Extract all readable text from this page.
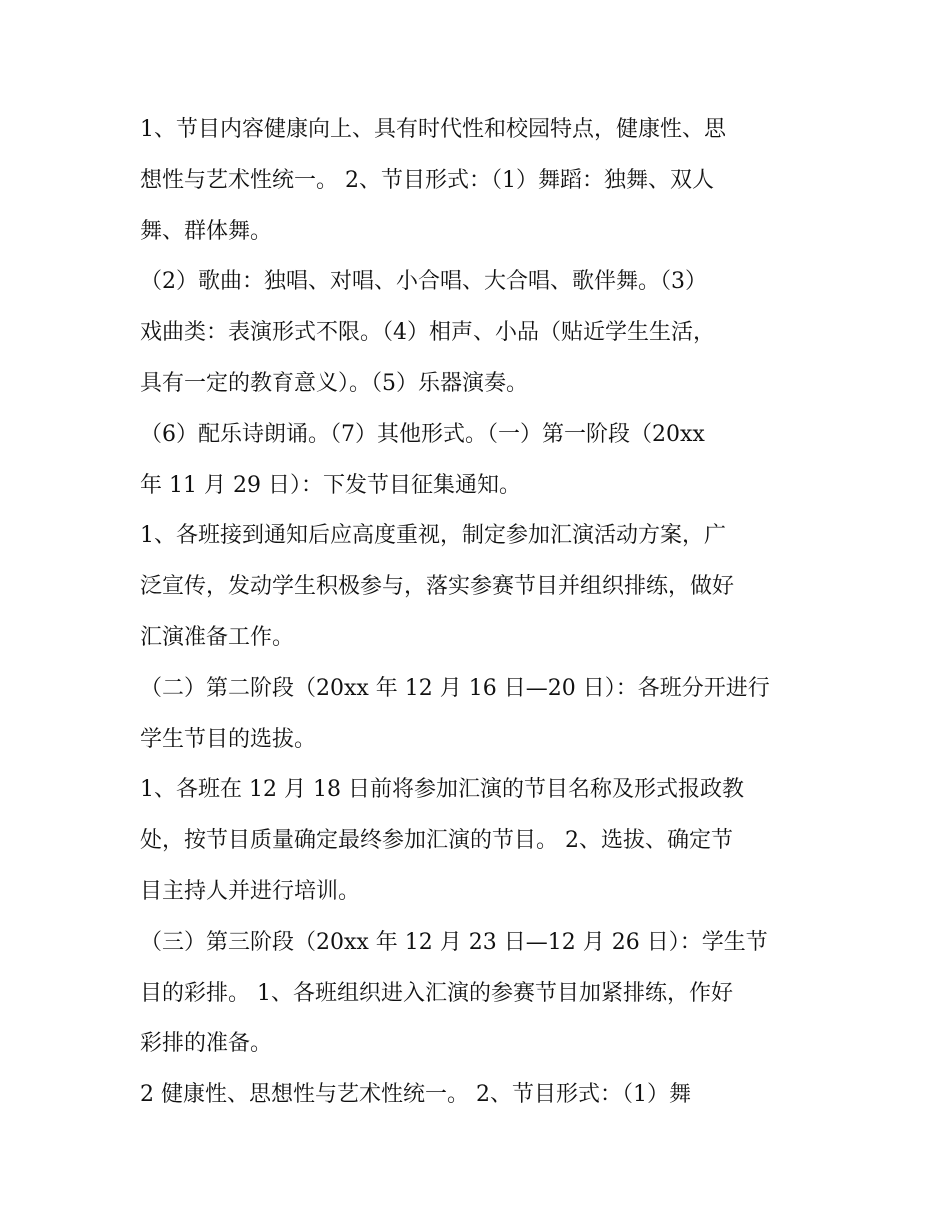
1、节目内容健康向上、具有时代性和校园特点，健康性、思
想性与艺术性统一。 2、节目形式：（1）舞蹈：独舞、双人
舞、群体舞。

（2）歌曲：独唱、对唱、小合唱、大合唱、歌伴舞。（3）
戏曲类：表演形式不限。（4）相声、小品（贴近学生生活，
具有一定的教育意义）。（5）乐器演奏。

（6）配乐诗朗诵。（7）其他形式。（一）第一阶段（20xx
年 11 月 29 日）：下发节目征集通知。

1、各班接到通知后应高度重视，制定参加汇演活动方案，广
泛宣传，发动学生积极参与，落实参赛节目并组织排练，做好
汇演准备工作。

（二）第二阶段（20xx 年 12 月 16 日—20 日）：各班分开进行
学生节目的选拔。

1、各班在 12 月 18 日前将参加汇演的节目名称及形式报政教
处，按节目质量确定最终参加汇演的节目。 2、选拔、确定节
目主持人并进行培训。

（三）第三阶段（20xx 年 12 月 23 日—12 月 26 日）：学生节
目的彩排。 1、各班组织进入汇演的参赛节目加紧排练，作好
彩排的准备。

2 健康性、思想性与艺术性统一。 2、节目形式：（1）舞
